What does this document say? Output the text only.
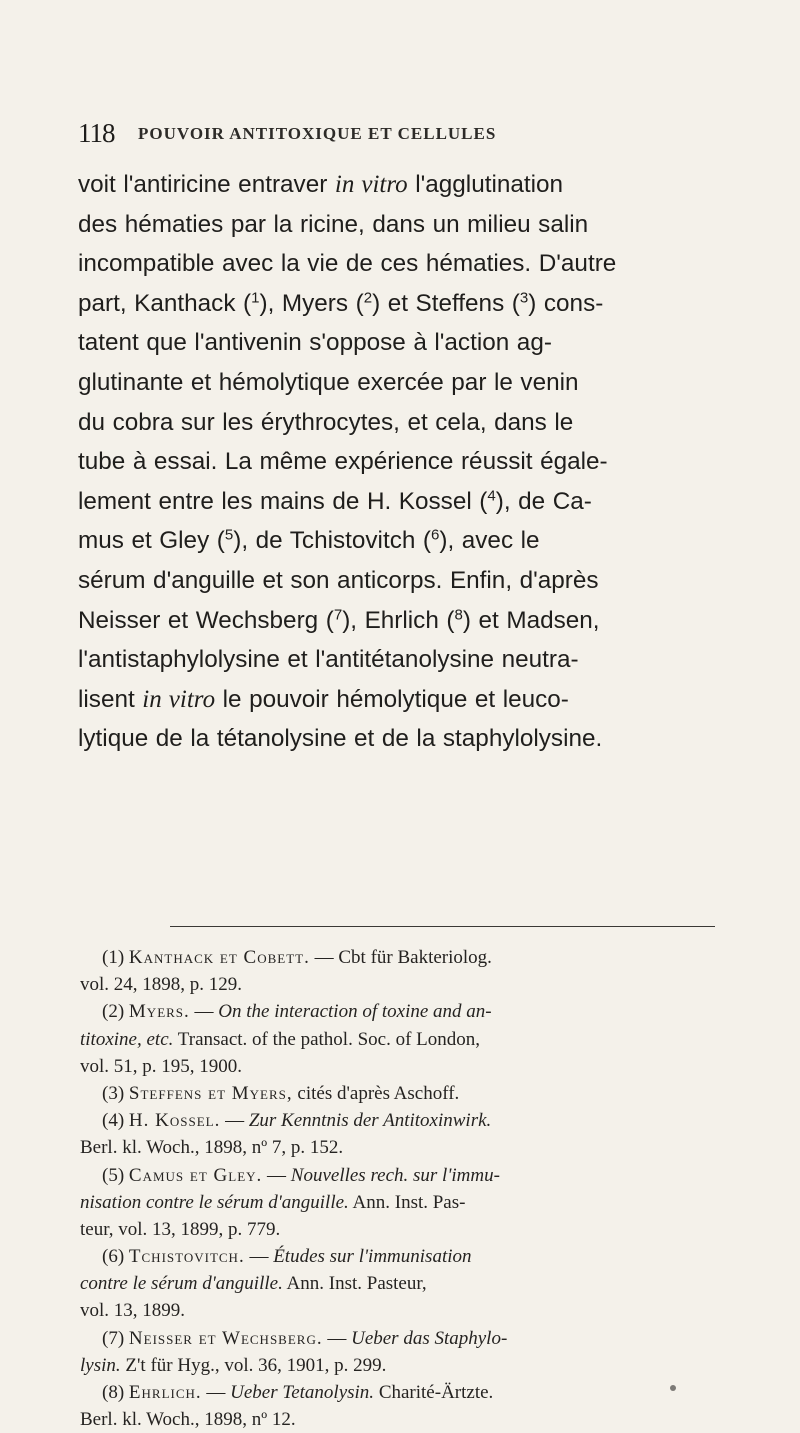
118 POUVOIR ANTITOXIQUE ET CELLULES
voit l'antiricine entraver in vitro l'agglutination
des hématies par la ricine, dans un milieu salin
incompatible avec la vie de ces hématies. D'autre
part, Kanthack ($^1$), Myers ($^2$) et Steffens ($^3$) cons-
tatent que l'antivenin s'oppose à l'action ag-
glutinante et hémolytique exercée par le venin
du cobra sur les érythrocytes, et cela, dans le
tube à essai. La même expérience réussit égale-
lement entre les mains de H. Kossel ($^4$), de Ca-
mus et Gley ($^5$), de Tchistovitch ($^6$), avec le
sérum d'anguille et son anticorps. Enfin, d'après
Neisser et Wechsberg ($^7$), Ehrlich ($^8$) et Madsen,
l'antistaphylolysine et l'antitétanolysine neutra-
lisent in vitro le pouvoir hémolytique et leuco-
lytique de la tétanolysine et de la staphylolysine.
(1) Kanthack et Cobett. — Cbt für Bakteriolog.
vol. 24, 1898, p. 129.
(2) Myers. — On the interaction of toxine and an-
titoxine, etc. Transact. of the pathol. Soc. of London,
vol. 51, p. 195, 1900.
(3) Steffens et Myers, cités d'après Aschoff.
(4) H. Kossel. — Zur Kenntnis der Antitoxinwirk.
Berl. kl. Woch., 1898, nº 7, p. 152.
(5) Camus et Gley. — Nouvelles rech. sur l'immu-
nisation contre le sérum d'anguille. Ann. Inst. Pas-
teur, vol. 13, 1899, p. 779.
(6) Tchistovitch. — Études sur l'immunisation
contre le sérum d'anguille. Ann. Inst. Pasteur,
vol. 13, 1899.
(7) Neisser et Wechsberg. — Ueber das Staphylo-
lysin. Z't für Hyg., vol. 36, 1901, p. 299.
(8) Ehrlich. — Ueber Tetanolysin. Charité-Ärtzte.
Berl. kl. Woch., 1898, nº 12.
